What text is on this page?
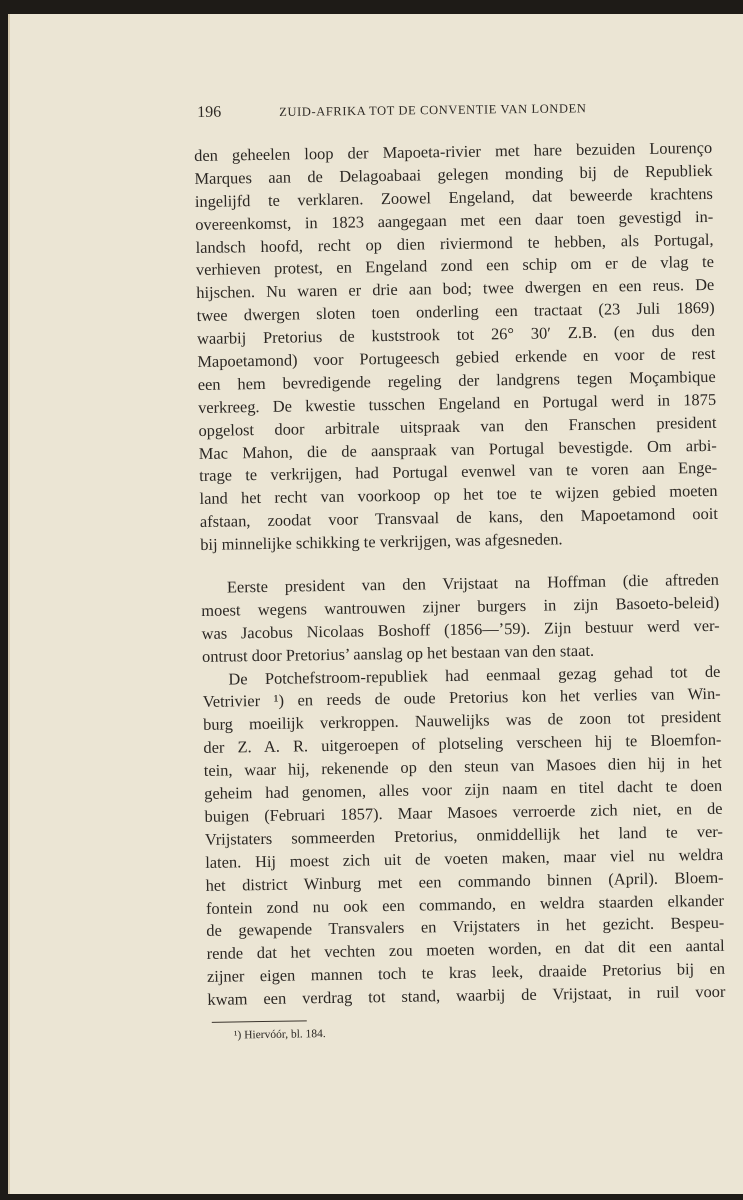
196	ZUID-AFRIKA TOT DE CONVENTIE VAN LONDEN
den geheelen loop der Mapoeta-rivier met hare bezuiden Lourenço
Marques aan de Delagoabaai gelegen monding bij de Republiek
ingelijfd te verklaren. Zoowel Engeland, dat beweerde krachtens
overeenkomst, in 1823 aangegaan met een daar toen gevestigd in-
landsch hoofd, recht op dien riviermond te hebben, als Portugal,
verhieven protest, en Engeland zond een schip om er de vlag te
hijschen. Nu waren er drie aan bod; twee dwergen en een reus. De
twee dwergen sloten toen onderling een tractaat (23 Juli 1869)
waarbij Pretorius de kuststrook tot 26° 30′ Z.B. (en dus den
Mapoetamond) voor Portugeesch gebied erkende en voor de rest
een hem bevredigende regeling der landgrens tegen Moçambique
verkreeg. De kwestie tusschen Engeland en Portugal werd in 1875
opgelost door arbitrale uitspraak van den Franschen president
Mac Mahon, die de aanspraak van Portugal bevestigde. Om arbi-
trage te verkrijgen, had Portugal evenwel van te voren aan Enge-
land het recht van voorkoop op het toe te wijzen gebied moeten
afstaan, zoodat voor Transvaal de kans, den Mapoetamond ooit
bij minnelijke schikking te verkrijgen, was afgesneden.
Eerste president van den Vrijstaat na Hoffman (die aftreden
moest wegens wantrouwen zijner burgers in zijn Basoeto-beleid)
was Jacobus Nicolaas Boshoff (1856—’59). Zijn bestuur werd ver-
ontrust door Pretorius’ aanslag op het bestaan van den staat.
De Potchefstroom-republiek had eenmaal gezag gehad tot de
Vetrivier ¹) en reeds de oude Pretorius kon het verlies van Win-
burg moeilijk verkroppen. Nauwelijks was de zoon tot president
der Z. A. R. uitgeroepen of plotseling verscheen hij te Bloemfon-
tein, waar hij, rekenende op den steun van Masoes dien hij in het
geheim had genomen, alles voor zijn naam en titel dacht te doen
buigen (Februari 1857). Maar Masoes verroerde zich niet, en de
Vrijstaters sommeerden Pretorius, onmiddellijk het land te ver-
laten. Hij moest zich uit de voeten maken, maar viel nu weldra
het district Winburg met een commando binnen (April). Bloem-
fontein zond nu ook een commando, en weldra staarden elkander
de gewapende Transvalers en Vrijstaters in het gezicht. Bespeu-
rende dat het vechten zou moeten worden, en dat dit een aantal
zijner eigen mannen toch te kras leek, draaide Pretorius bij en
kwam een verdrag tot stand, waarbij de Vrijstaat, in ruil voor
¹) Hiervóór, bl. 184.
